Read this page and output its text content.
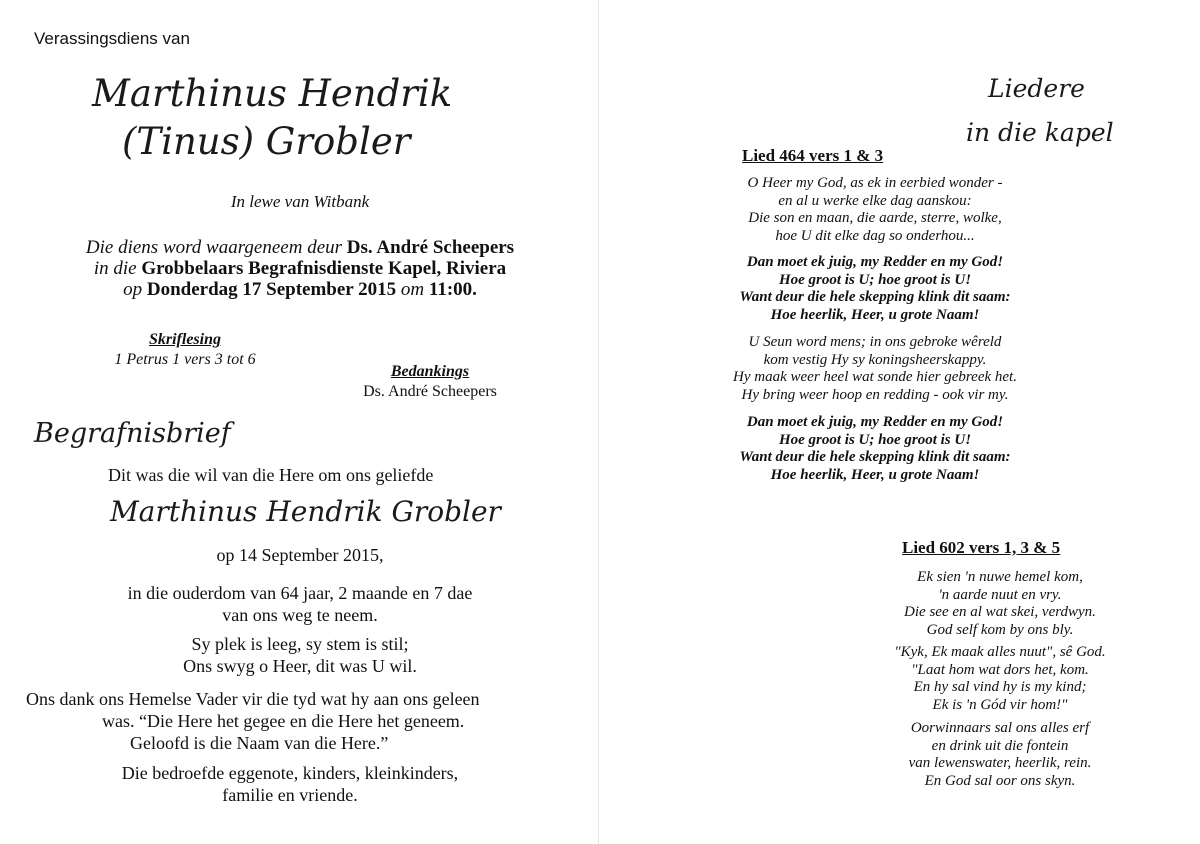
Verassingsdiens van
Marthinus Hendrik
(Tinus) Grobler
In lewe van Witbank
Die diens word waargeneem deur Ds. André Scheepers
in die Grobbelaars Begrafnisdienste Kapel, Riviera
op Donderdag 17 September 2015 om 11:00.
Skriflesing
1 Petrus 1 vers 3 tot 6
Bedankings
Ds. André Scheepers
Begrafnisbrief
Dit was die wil van die Here om ons geliefde
Marthinus Hendrik Grobler
op 14 September 2015,
in die ouderdom van 64 jaar, 2 maande en 7 dae
van ons weg te neem.
Sy plek is leeg, sy stem is stil;
Ons swyg o Heer, dit was U wil.
Ons dank ons Hemelse Vader vir die tyd wat hy aan ons geleen
was. “Die Here het gegee en die Here het geneem.
Geloofd is die Naam van die Here.”
Die bedroefde eggenote, kinders, kleinkinders,
familie en vriende.
Liedere
in die kapel
Lied 464 vers 1 & 3
O Heer my God, as ek in eerbied wonder -
en al u werke elke dag aanskou:
Die son en maan, die aarde, sterre, wolke,
hoe U dit elke dag so onderhou...
Dan moet ek juig, my Redder en my God!
Hoe groot is U; hoe groot is U!
Want deur die hele skepping klink dit saam:
Hoe heerlik, Heer, u grote Naam!
U Seun word mens; in ons gebroke wêreld
kom vestig Hy sy koningsheerskappy.
Hy maak weer heel wat sonde hier gebreek het.
Hy bring weer hoop en redding - ook vir my.
Dan moet ek juig, my Redder en my God!
Hoe groot is U; hoe groot is U!
Want deur die hele skepping klink dit saam:
Hoe heerlik, Heer, u grote Naam!
Lied 602 vers 1, 3 & 5
Ek sien 'n nuwe hemel kom,
'n aarde nuut en vry.
Die see en al wat skei, verdwyn.
God self kom by ons bly.
"Kyk, Ek maak alles nuut", sê God.
"Laat hom wat dors het, kom.
En hy sal vind hy is my kind;
Ek is 'n Gód vir hom!"
Oorwinnaars sal ons alles erf
en drink uit die fontein
van lewenswater, heerlik, rein.
En God sal oor ons skyn.
